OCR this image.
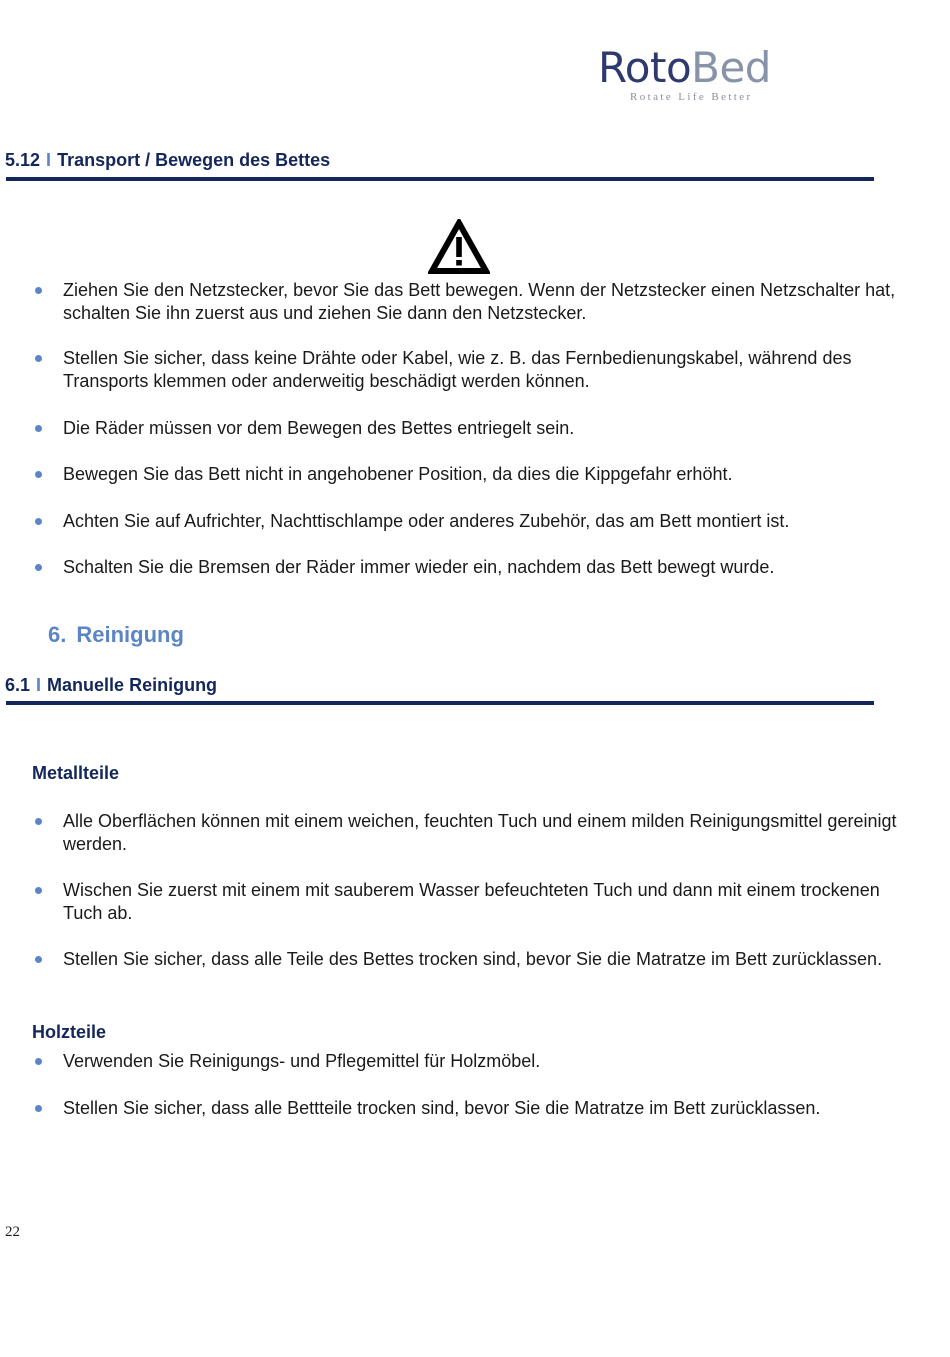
RotoBed
Rotate Life Better
5.12 I Transport / Bewegen des Bettes
Ziehen Sie den Netzstecker, bevor Sie das Bett bewegen. Wenn der Netzstecker einen Netzschalter hat, schalten Sie ihn zuerst aus und ziehen Sie dann den Netzstecker.
Stellen Sie sicher, dass keine Drähte oder Kabel, wie z. B. das Fernbedienungskabel, während des Transports klemmen oder anderweitig beschädigt werden können.
Die Räder müssen vor dem Bewegen des Bettes entriegelt sein.
Bewegen Sie das Bett nicht in angehobener Position, da dies die Kippgefahr erhöht.
Achten Sie auf Aufrichter, Nachttischlampe oder anderes Zubehör, das am Bett montiert ist.
Schalten Sie die Bremsen der Räder immer wieder ein, nachdem das Bett bewegt wurde.
6. Reinigung
6.1 I Manuelle Reinigung
Metallteile
Alle Oberflächen können mit einem weichen, feuchten Tuch und einem milden Reinigungsmittel gereinigt werden.
Wischen Sie zuerst mit einem mit sauberem Wasser befeuchteten Tuch und dann mit einem trockenen Tuch ab.
Stellen Sie sicher, dass alle Teile des Bettes trocken sind, bevor Sie die Matratze im Bett zurücklassen.
Holzteile
Verwenden Sie Reinigungs- und Pflegemittel für Holzmöbel.
Stellen Sie sicher, dass alle Bettteile trocken sind, bevor Sie die Matratze im Bett zurücklassen.
22
